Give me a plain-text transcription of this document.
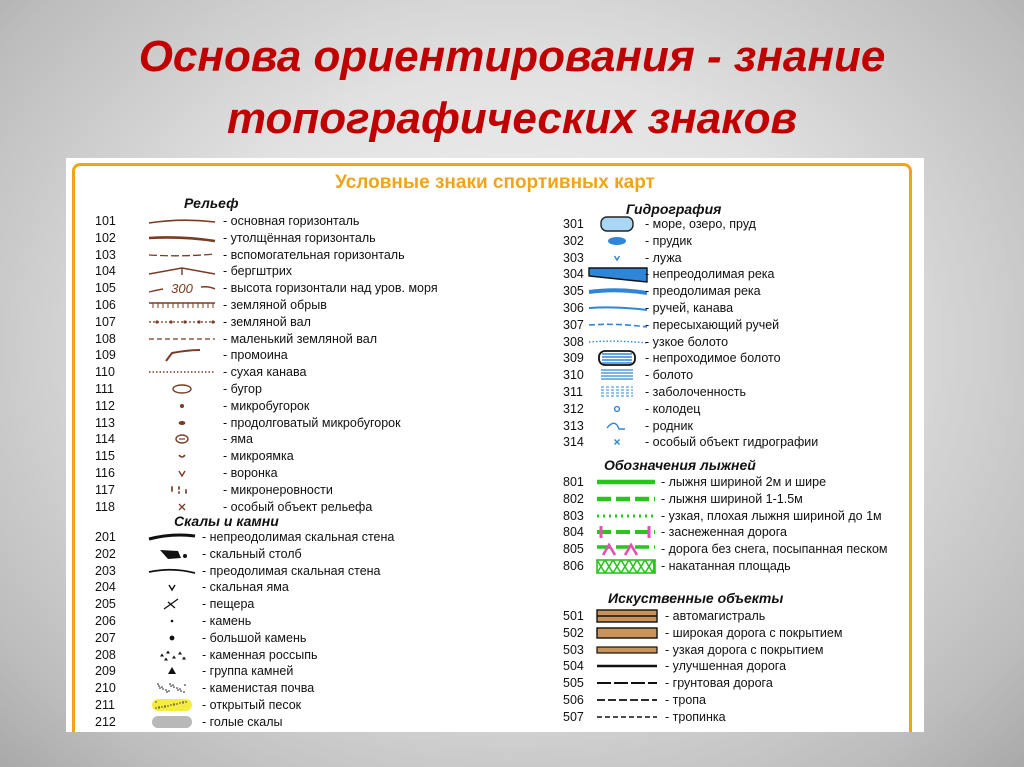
Основа ориентирования - знание
топографических знаков
Условные знаки спортивных карт
Рельеф
Скалы и камни
Гидрография
Обозначения лыжней
Искуственные объекты
101	- основная горизонталь
102	- утолщённая горизонталь
103	- вспомогательная горизонталь
104	- бергштрих
105	300 - высота горизонтали над уров. моря
106	- земляной обрыв
107	- земляной вал
108	- маленький земляной вал
109	- промоина
110	- сухая канава
111	- бугор
112	- микробугорок
113	- продолговатый микробугорок
114	- яма
115	- микроямка
116	- воронка
117	- микронеровности
118	- особый объект рельефа
201	- непреодолимая скальная стена
202	- скальный столб
203	- преодолимая скальная стена
204	- скальная яма
205	- пещера
206	- камень
207	- большой камень
208	- каменная россыпь
209	- группа камней
210	- каменистая почва
211	- открытый песок
212	- голые скалы
301	- море, озеро, пруд
302	- прудик
303	- лужа
304	- непреодолимая река
305	- преодолимая река
306	- ручей, канава
307	- пересыхающий ручей
308	- узкое болото
309	- непроходимое болото
310	- болото
311	- заболоченность
312	- колодец
313	- родник
314	- особый объект гидрографии
801	- лыжня шириной 2м и шире
802	- лыжня шириной 1-1.5м
803	- узкая, плохая лыжня шириной до 1м
804	- заснеженная дорога
805	- дорога без снега, посыпанная песком
806	- накатанная площадь
501	- автомагистраль
502	- широкая дорога с покрытием
503	- узкая дорога с покрытием
504	- улучшенная дорога
505	- грунтовая дорога
506	- тропа
507	- тропинка
